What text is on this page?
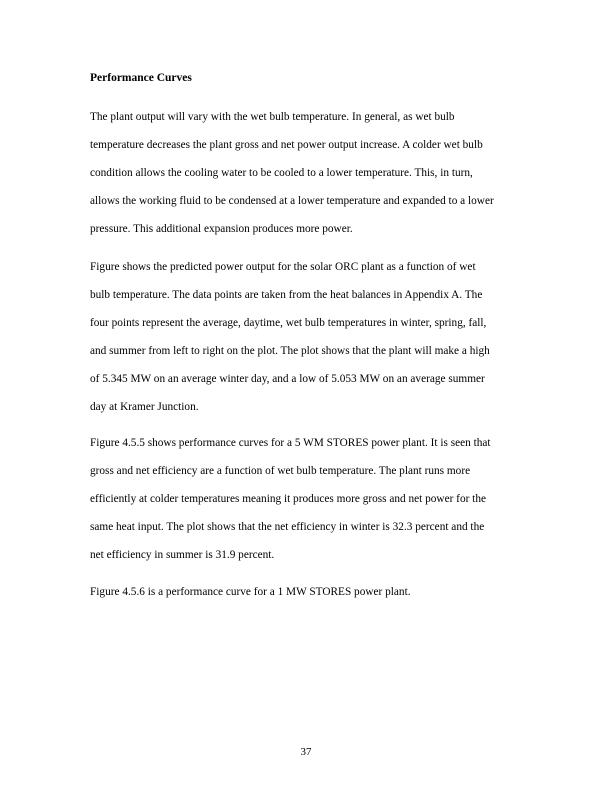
Performance Curves
The plant output will vary with the wet bulb temperature. In general, as wet bulb
temperature decreases the plant gross and net power output increase. A colder wet bulb
condition allows the cooling water to be cooled to a lower temperature. This, in turn,
allows the working fluid to be condensed at a lower temperature and expanded to a lower
pressure. This additional expansion produces more power.
Figure shows the predicted power output for the solar ORC plant as a function of wet
bulb temperature. The data points are taken from the heat balances in Appendix A. The
four points represent the average, daytime, wet bulb temperatures in winter, spring, fall,
and summer from left to right on the plot. The plot shows that the plant will make a high
of 5.345 MW on an average winter day, and a low of 5.053 MW on an average summer
day at Kramer Junction.
Figure 4.5.5 shows performance curves for a 5 WM STORES power plant. It is seen that
gross and net efficiency are a function of wet bulb temperature. The plant runs more
efficiently at colder temperatures meaning it produces more gross and net power for the
same heat input. The plot shows that the net efficiency in winter is 32.3 percent and the
net efficiency in summer is 31.9 percent.
Figure 4.5.6 is a performance curve for a 1 MW STORES power plant.
37
